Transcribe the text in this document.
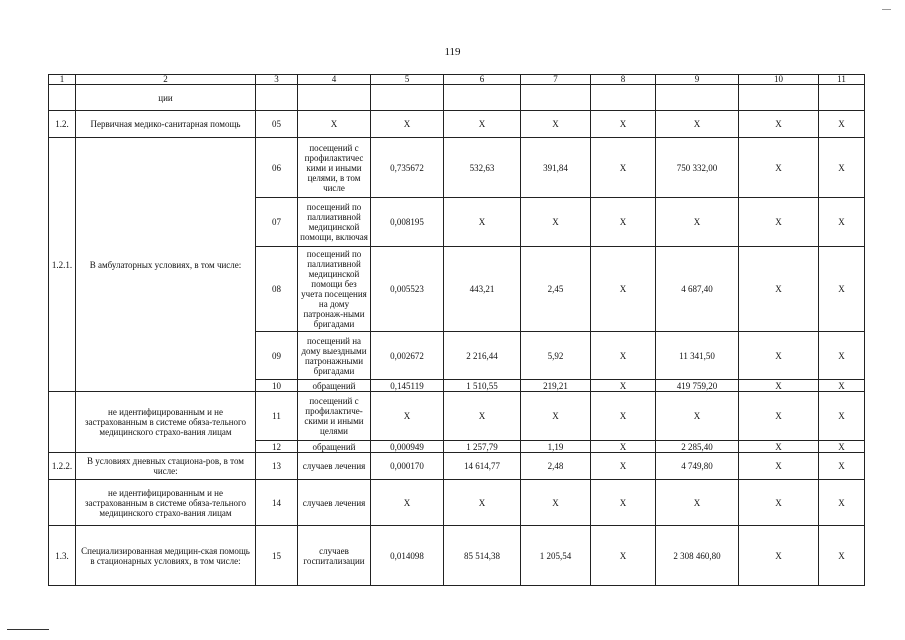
119
1	2	3	4	5	6	7	8	9	10	11
	ции									
1.2.	Первичная медико-санитарная помощь	05	Х	Х	Х	Х	Х	Х	Х	Х
1.2.1.	В амбулаторных условиях, в том числе:	06	посещений с профилактичес кими и иными целями, в том числе	0,735672	532,63	391,84	Х	750 332,00	Х	Х
		07	посещений по паллиативной медицинской помощи, включая	0,008195	Х	Х	Х	Х	Х	Х
		08	посещений по паллиативной медицинской помощи без учета посещения на дому патронаж-ными бригадами	0,005523	443,21	2,45	Х	4 687,40	Х	Х
		09	посещений на дому выездными патронажными бригадами	0,002672	2 216,44	5,92	Х	11 341,50	Х	Х
		10	обращений	0,145119	1 510,55	219,21	Х	419 759,20	Х	Х
	не идентифицированным и не застрахованным в системе обяза-тельного медицинского страхо-вания лицам	11	посещений с профилактиче-скими и иными целями	Х	Х	Х	Х	Х	Х	Х
		12	обращений	0,000949	1 257,79	1,19	Х	2 285,40	Х	Х
1.2.2.	В условиях дневных стациона-ров, в том числе:	13	случаев лечения	0,000170	14 614,77	2,48	Х	4 749,80	Х	Х
	не идентифицированным и не застрахованным в системе обяза-тельного медицинского страхо-вания лицам	14	случаев лечения	Х	Х	Х	Х	Х	Х	Х
1.3.	Специализированная медицин-ская помощь в стационарных условиях, в том числе:	15	случаев госпитализации	0,014098	85 514,38	1 205,54	Х	2 308 460,80	Х	Х
